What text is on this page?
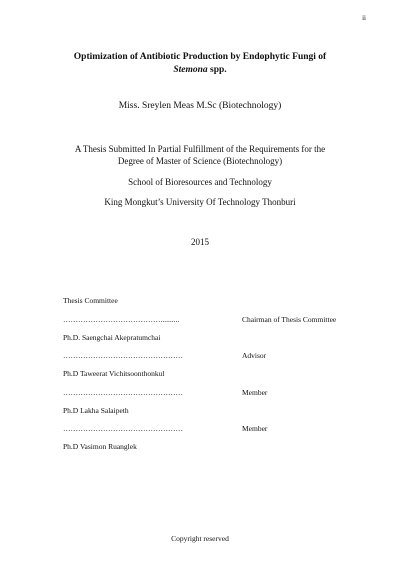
ii
Optimization of Antibiotic Production by Endophytic Fungi of
Stemona spp.
Miss. Sreylen Meas M.Sc (Biotechnology)
A Thesis Submitted In Partial Fulfillment of the Requirements for the
Degree of Master of Science (Biotechnology)
School of Bioresources and Technology
King Mongkut’s University Of Technology Thonburi
2015
Thesis Committee
…………………………………..........	Chairman of Thesis Committee
Ph.D. Saengchai Akepratumchai
…………………………………………	Advisor
Ph.D Taweerat Vichitsoonthonkul
…………………………………………	Member
Ph.D Lakha Salaipeth
…………………………………………	Member
Ph.D Vasimon Ruanglek
Copyright reserved
